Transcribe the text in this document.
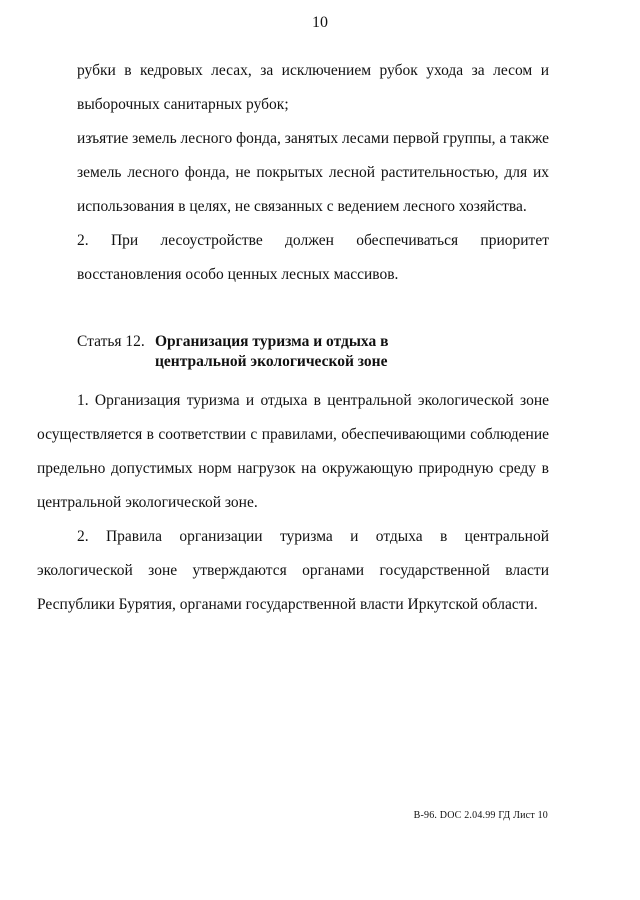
10

рубки в кедровых лесах, за исключением рубок ухода за лесом и выборочных санитарных рубок;

изъятие земель лесного фонда, занятых лесами первой группы, а также земель лесного фонда, не покрытых лесной растительностью, для их использования в целях, не связанных с ведением лесного хозяйства.

2. При лесоустройстве должен обеспечиваться приоритет восстановления особо ценных лесных массивов.

Статья 12. Организация туризма и отдыха в
центральной экологической зоне

1. Организация туризма и отдыха в центральной экологической зоне осуществляется в соответствии с правилами, обеспечивающими соблюдение предельно допустимых норм нагрузок на окружающую природную среду в центральной экологической зоне.

2. Правила организации туризма и отдыха в центральной экологической зоне утверждаются органами государственной власти Республики Бурятия, органами государственной власти Иркутской области.

В-96. DOC 2.04.99 ГД Лист 10
